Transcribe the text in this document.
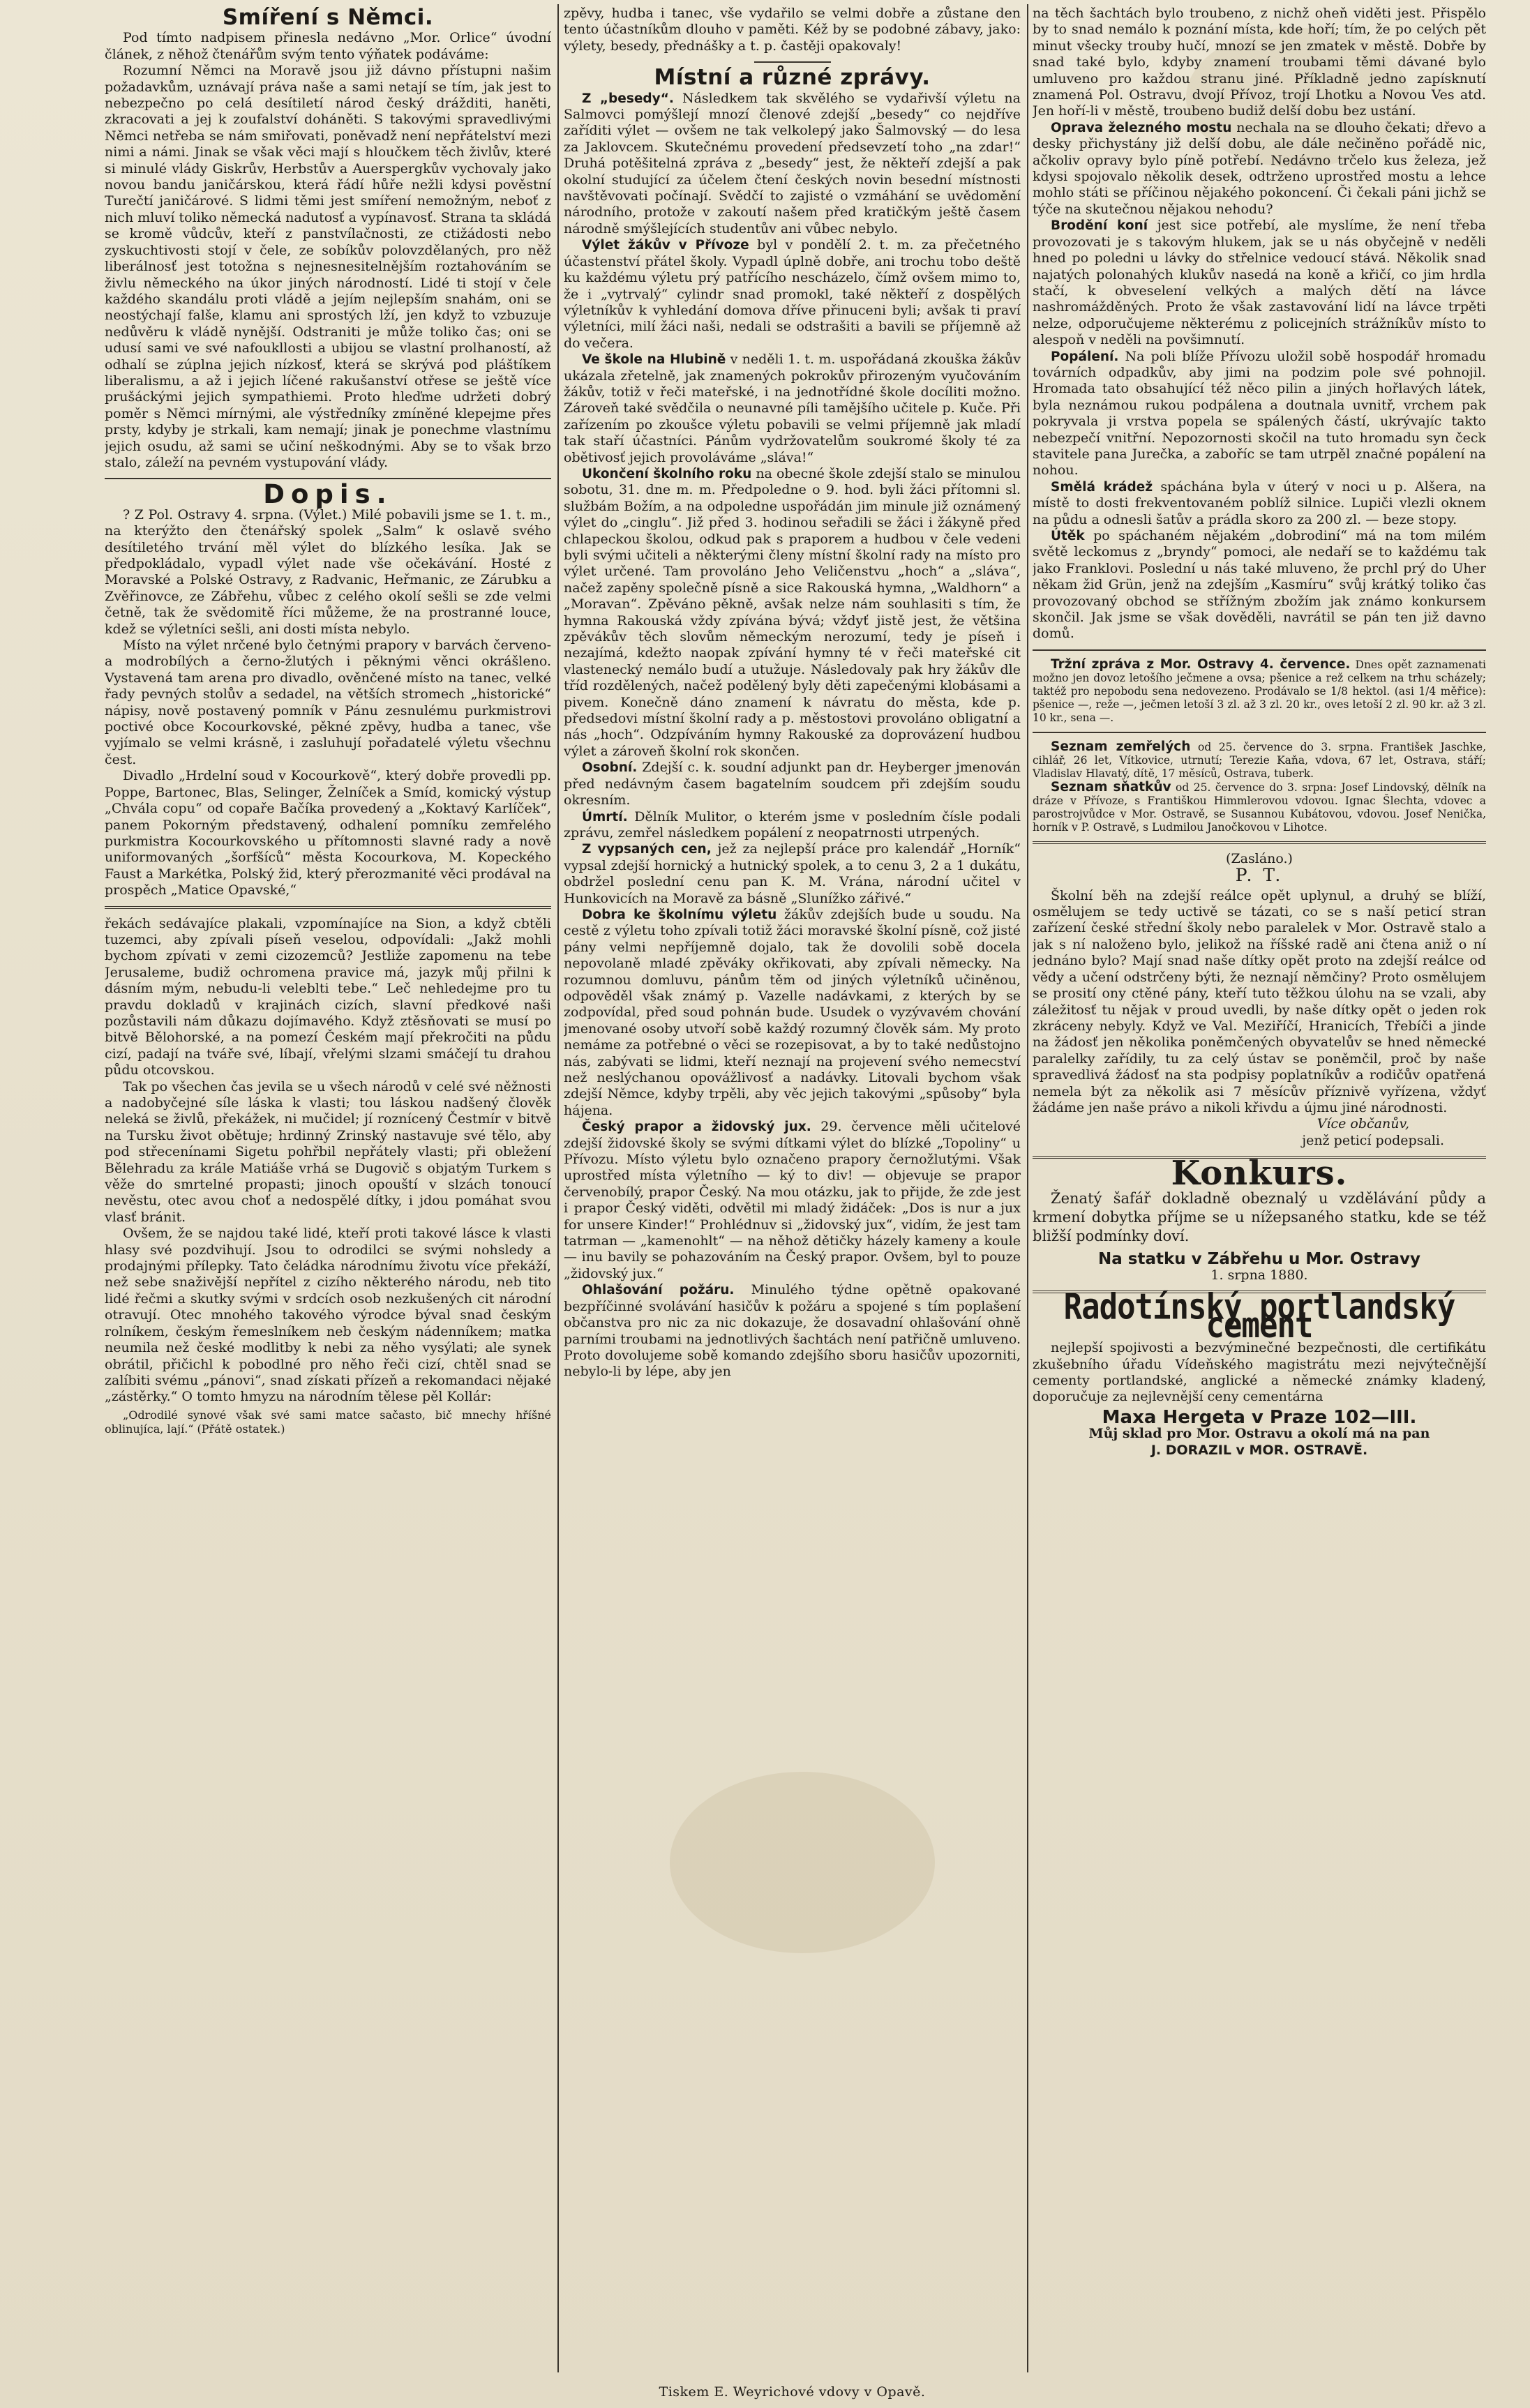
Smíření s Němci.

Pod tímto nadpisem přinesla nedávno „Mor. Orlice“ úvodní článek, z něhož čtenářům svým tento výňatek podáváme:

Rozumní Němci na Moravě jsou již dávno přístupni našim požadavkům, uznávají práva naše a sami netají se tím, jak jest to nebezpečno po celá desítiletí národ český drážditi, haněti, zkracovati a jej k zoufalství doháněti. S takovými spravedlivými Němci netřeba se nám smiřovati, poněvadž není nepřátelství mezi nimi a námi. Jinak se však věci mají s hloučkem těch živlův, které si minulé vlády Giskrův, Herbstův a Auerspergkův vychovaly jako novou bandu janičárskou, která řádí hůře nežli kdysi pověstní Turečtí janičárové. S lidmi těmi jest smíření nemožným, neboť z nich mluví toliko německá nadutosť a vypínavosť. Strana ta skládá se kromě vůdcův, kteří z panstvílačnosti, ze ctižádosti nebo zyskuchtivosti stojí v čele, ze sobíkův polovzdělaných, pro něž liberálnosť jest totožna s nejnesnesitelnějším roztahováním se živlu německého na úkor jiných národností. Lidé ti stojí v čele každého skandálu proti vládě a jejím nejlepším snahám, oni se neostýchají falše, klamu ani sprostých lží, jen když to vzbuzuje nedůvěru k vládě nynější. Odstraniti je může toliko čas; oni se udusí sami ve své nafoukllosti a ubijou se vlastní prolhaností, až odhalí se zúplna jejich nízkosť, která se skrývá pod pláštíkem liberalismu, a až i jejich líčené rakušanství otřese se ještě více prušáckými jejich sympathiemi. Proto hleďme udržeti dobrý poměr s Němci mírnými, ale výstředníky zmíněné klepejme přes prsty, kdyby je strkali, kam nemají; jinak je ponechme vlastnímu jejich osudu, až sami se učiní neškodnými. Aby se to však brzo stalo, záleží na pevném vystupování vlády.

Dopis.

? Z Pol. Ostravy 4. srpna. (Výlet.) Milé pobavili jsme se 1. t. m., na kterýžto den čtenářský spolek „Salm“ k oslavě svého desítiletého trvání měl výlet do blízkého lesíka. Jak se předpokládalo, vypadl výlet nade vše očekávání. Hosté z Moravské a Polské Ostravy, z Radvanic, Heřmanic, ze Zárubku a Zvěřinovce, ze Zábřehu, vůbec z celého okolí sešli se zde velmi četně, tak že svědomitě říci můžeme, že na prostranné louce, kdež se výletníci sešli, ani dosti místa nebylo.

Místo na výlet nrčené bylo četnými prapory v barvách červeno- a modrobílých a černo-žlutých i pěknými věnci okrášleno. Vystavená tam arena pro divadlo, ověnčené místo na tanec, velké řady pevných stolův a sedadel, na větších stromech „historické“ nápisy, nově postavený pomník v Pánu zesnulému purkmistrovi poctivé obce Kocourkovské, pěkné zpěvy, hudba a tanec, vše vyjímalo se velmi krásně, i zasluhují pořadatelé výletu všechnu čest.

Divadlo „Hrdelní soud v Kocourkově“, který dobře provedli pp. Poppe, Bartonec, Blas, Selinger, Želníček a Smíd, komický výstup „Chvála copu“ od copaře Bačíka provedený a „Koktavý Karlíček“, panem Pokorným představený, odhalení pomníku zemřelého purkmistra Kocourkovského u přítomnosti slavné rady a nově uniformovaných „šorfšíců“ města Kocourkova, M. Kopeckého Faust a Markétka, Polský žid, který přerozmanité věci prodával na prospěch „Matice Opavské,“

řekách sedávajíce plakali, vzpomínajíce na Sion, a když cbtěli tuzemci, aby zpívali píseň veselou, odpovídali: „Jakž mohli bychom zpívati v zemi cizozemců? Jestliže zapomenu na tebe Jerusaleme, budiž ochromena pravice má, jazyk můj přilni k dásním mým, nebudu-li veleblti tebe.“ Leč nehledejme pro tu pravdu dokladů v krajinách cizích, slavní předkové naši pozůstavili nám důkazu dojímavého. Když ztěsňovati se musí po bitvě Bělohorské, a na pomezí Českém mají překročiti na půdu cizí, padají na tváře své, líbají, vřelými slzami smáčejí tu drahou půdu otcovskou.

Tak po všechen čas jevila se u všech národů v celé své něžnosti a nadobyčejné síle láska k vlasti; tou láskou nadšený člověk neleká se živlů, překážek, ni mučidel; jí roznícený Čestmír v bitvě na Tursku život obětuje; hrdinný Zrinský nastavuje své tělo, aby pod střecenínami Sigetu pohřbil nepřátely vlasti; při obležení Bělehradu za krále Matiáše vrhá se Dugovič s objatým Turkem s věže do smrtelné propasti; jinoch opouští v slzách tonoucí nevěstu, otec avou choť a nedospělé dítky, i jdou pomáhat svou vlasť bránit.

Ovšem, že se najdou také lidé, kteří proti takové lásce k vlasti hlasy své pozdvihují. Jsou to odrodilci se svými nohsledy a prodajnými přílepky. Tato čeládka národnímu životu více překáží, než sebe snaživější nepřítel z cizího některého národu, neb tito lidé řečmi a skutky svými v srdcích osob nezkušených cit národní otravují. Otec mnohého takového výrodce býval snad českým rolníkem, českým řemeslníkem neb českým nádenníkem; matka neumila než české modlitby k nebi za něho vysýlati; ale synek obrátil, přičichl k pobodlné pro něho řeči cizí, chtěl snad se zalíbiti svému „pánovi“, snad získati přízeň a rekomandaci nějaké „zástěrky.“ O tomto hmyzu na národním tělese pěl Kollár:

„Odrodilé synové však své sami matce sačasto, bič mnechy hříšné oblinujíca, lají.“ (Přátě ostatek.)

zpěvy, hudba i tanec, vše vydařilo se velmi dobře a zůstane den tento účastníkům dlouho v paměti. Kéž by se podobné zábavy, jako: výlety, besedy, přednášky a t. p. častěji opakovaly!

Místní a různé zprávy.

Z „besedy“. Následkem tak skvělého se vydařivší výletu na Salmovci pomýšlejí mnozí členové zdejší „besedy“ co nejdříve zaříditi výlet — ovšem ne tak velkolepý jako Šalmovský — do lesa za Jaklovcem. Skutečnému provedení předsevzetí toho „na zdar!“ Druhá potěšitelná zpráva z „besedy“ jest, že někteří zdejší a pak okolní studující za účelem čtení českých novin besední místnosti navštěvovati počínají. Svědčí to zajisté o vzmáhání se uvědomění národního, protože v zakoutí našem před kratičkým ještě časem národně smýšlejících studentův ani vůbec nebylo.

Výlet žákův v Přívoze byl v pondělí 2. t. m. za přečetného účastenství přátel školy. Vypadl úplně dobře, ani trochu tobo deště ku každému výletu prý patřícího nescházelo, čímž ovšem mimo to, že i „vytrvalý“ cylindr snad promokl, také někteří z dospělých výletníkův k vyhledání domova dříve přinuceni byli; avšak ti praví výletníci, milí žáci naši, nedali se odstrašiti a bavili se příjemně až do večera.

Ve škole na Hlubině v neděli 1. t. m. uspořádaná zkouška žákův ukázala zřetelně, jak znamených pokrokův přirozeným vyučováním žákův, totiž v řeči mateřské, i na jednotřídné škole docíliti možno. Zároveň také svědčila o neunavné píli tamějšího učitele p. Kuče. Při zařízením po zkoušce výletu pobavili se velmi příjemně jak mladí tak staří účastníci. Pánům vydržovatelům soukromé školy té za obětivosť jejich provoláváme „sláva!“

Ukončení školního roku na obecné škole zdejší stalo se minulou sobotu, 31. dne m. m. Předpoledne o 9. hod. byli žáci přítomni sl. službám Božím, a na odpoledne uspořádán jim minule již oznámený výlet do „cinglu“. Již před 3. hodinou seřadili se žáci i žákyně před chlapeckou školou, odkud pak s praporem a hudbou v čele vedeni byli svými učiteli a některými členy místní školní rady na místo pro výlet určené. Tam provoláno Jeho Veličenstvu „hoch“ a „sláva“, načež zapěny společně písně a sice Rakouská hymna, „Waldhorn“ a „Moravan“. Zpěváno pěkně, avšak nelze nám souhlasiti s tím, že hymna Rakouská vždy zpívána bývá; vždyť jistě jest, že většina zpěvákův těch slovům německým nerozumí, tedy je píseň i nezajímá, kdežto naopak zpívání hymny té v řeči mateřské cit vlastenecký nemálo budí a utužuje. Následovaly pak hry žákův dle tříd rozdělených, načež podělený byly děti zapečenými klobásami a pivem. Konečně dáno znamení k návratu do města, kde p. předsedovi místní školní rady a p. městostovi provoláno obligatní a nás „hoch“. Odzpíváním hymny Rakouské za doprovázení hudbou výlet a zároveň školní rok skončen.

Osobní. Zdejší c. k. soudní adjunkt pan dr. Heyberger jmenován před nedávným časem bagatelním soudcem při zdejším soudu okresním.

Úmrtí. Dělník Mulitor, o kterém jsme v posledním čísle podali zprávu, zemřel následkem popálení z neopatrnosti utrpených.

Z vypsaných cen, jež za nejlepší práce pro kalendář „Horník“ vypsal zdejší hornický a hutnický spolek, a to cenu 3, 2 a 1 dukátu, obdržel poslední cenu pan K. M. Vrána, národní učitel v Hunkovicích na Moravě za básně „Slunížko zářivé.“

Dobra ke školnímu výletu žákův zdejších bude u soudu. Na cestě z výletu toho zpívali totiž žáci moravské školní písně, což jisté pány velmi nepříjemně dojalo, tak že dovolili sobě docela nepovolaně mladé zpěváky okřikovati, aby zpívali německy. Na rozumnou domluvu, pánům těm od jiných výletníků učiněnou, odpověděl však známý p. Vazelle nadávkami, z kterých by se zodpovídal, před soud pohnán bude. Usudek o vyzývavém chování jmenované osoby utvoří sobě každý rozumný člověk sám. My proto nemáme za potřebné o věci se rozepisovat, a by to také nedůstojno nás, zabývati se lidmi, kteří neznají na projevení svého nemecství než neslýchanou opovážlivosť a nadávky. Litovali bychom však zdejší Němce, kdyby trpěli, aby věc jejich takovými „spůsoby“ byla hájena.

Český prapor a židovský jux. 29. července měli učitelové zdejší židovské školy se svými dítkami výlet do blízké „Topoliny“ u Přívozu. Místo výletu bylo označeno prapory černožlutými. Však uprostřed místa výletního — ký to div! — objevuje se prapor červenobílý, prapor Český. Na mou otázku, jak to přijde, že zde jest i prapor Český viděti, odvětil mi mladý židáček: „Dos is nur a jux for unsere Kinder!“ Prohlédnuv si „židovský jux“, vidím, že jest tam tatrman — „kamenohlt“ — na něhož dětičky házely kameny a koule — inu bavily se pohazováním na Český prapor. Ovšem, byl to pouze „židovský jux.“

Ohlašování požáru. Minulého týdne opětně opakované bezpříčinné svolávání hasičův k požáru a spojené s tím poplašení občanstva pro nic za nic dokazuje, že dosavadní ohlašování ohně parními troubami na jednotlivých šachtách není patřičně umluveno. Proto dovolujeme sobě komando zdejšího sboru hasičův upozorniti, nebylo-li by lépe, aby jen

na těch šachtách bylo troubeno, z nichž oheň viděti jest. Přispělo by to snad nemálo k poznání místa, kde hoří; tím, že po celých pět minut všecky trouby hučí, mnozí se jen zmatek v městě. Dobře by snad také bylo, kdyby znamení troubami těmi dávané bylo umluveno pro každou stranu jiné. Příkladně jedno zapísknutí znamená Pol. Ostravu, dvojí Přívoz, trojí Lhotku a Novou Ves atd. Jen hoří-li v městě, troubeno budiž delší dobu bez ustání.

Oprava železného mostu nechala na se dlouho čekati; dřevo a desky přichystány již delší dobu, ale dále nečiněno pořádě nic, ačkoliv opravy bylo píně potřebí. Nedávno trčelo kus železa, jež kdysi spojovalo několik desek, odtrženo uprostřed mostu a lehce mohlo státi se příčinou nějakého pokoncení. Či čekali páni jichž se týče na skutečnou nějakou nehodu?

Brodění koní jest sice potřebí, ale myslíme, že není třeba provozovati je s takovým hlukem, jak se u nás obyčejně v neděli hned po poledni u lávky do střelnice vedoucí stává. Několik snad najatých polonahých klukův nasedá na koně a křičí, co jim hrdla stačí, k obveselení velkých a malých dětí na lávce nashromážděných. Proto že však zastavování lidí na lávce trpěti nelze, odporučujeme některému z policejních strážníkův místo to alespoň v neděli na povšimnutí.

Popálení. Na poli blíže Přívozu uložil sobě hospodář hromadu továrních odpadkův, aby jimi na podzim pole své pohnojil. Hromada tato obsahující též něco pilin a jiných hořlavých látek, byla neznámou rukou podpálena a doutnala uvnitř, vrchem pak pokryvala ji vrstva popela se spálených částí, ukrývajíc takto nebezpečí vnitřní. Nepozornosti skočil na tuto hromadu syn čeck stavitele pana Jurečka, a zaboříc se tam utrpěl značné popálení na nohou.

Smělá krádež spáchána byla v úterý v noci u p. Alšera, na místě to dosti frekventovaném poblíž silnice. Lupiči vlezli oknem na půdu a odnesli šatův a prádla skoro za 200 zl. — beze stopy.

Útěk po spáchaném nějakém „dobrodiní“ má na tom milém světě leckomus z „bryndy“ pomoci, ale nedaří se to každému tak jako Franklovi. Poslední u nás také mluveno, že prchl prý do Uher někam žid Grün, jenž na zdejším „Kasmíru“ svůj krátký toliko čas provozovaný obchod se střížným zbožím jak známo konkursem skončil. Jak jsme se však dověděli, navrátil se pán ten již davno domů.

Tržní zpráva z Mor. Ostravy 4. července. Dnes opět zaznamenati možno jen dovoz letošího ječmene a ovsa; pšenice a rež celkem na trhu scházely; taktéž pro nepobodu sena nedovezeno. Prodávalo se 1/8 hektol. (asi 1/4 měřice): pšenice —, reže —, ječmen letoší 3 zl. až 3 zl. 20 kr., oves letoší 2 zl. 90 kr. až 3 zl. 10 kr., sena —.

Seznam zemřelých od 25. července do 3. srpna. František Jaschke, cihlář, 26 let, Vítkovice, utrnutí; Terezie Kaňa, vdova, 67 let, Ostrava, stáří; Vladislav Hlavatý, dítě, 17 měsíců, Ostrava, tuberk.

Seznam sňatkův od 25. července do 3. srpna: Josef Lindovský, dělník na dráze v Přívoze, s Františkou Himmlerovou vdovou. Ignac Šlechta, vdovec a parostrojvůdce v Mor. Ostravě, se Susannou Kubátovou, vdovou. Josef Nenička, horník v P. Ostravě, s Ludmilou Janočkovou v Lihotce.

(Zasláno.)
P. T.

Školní běh na zdejší reálce opět uplynul, a druhý se blíží, osmělujem se tedy uctivě se tázati, co se s naší peticí stran zařízení české střední školy nebo paralelek v Mor. Ostravě stalo a jak s ní naloženo bylo, jelikož na říšské radě ani čtena aniž o ní jednáno bylo? Mají snad naše dítky opět proto na zdejší reálce od vědy a učení odstrčeny býti, že neznají němčiny? Proto osmělujem se prosití ony ctěné pány, kteří tuto těžkou úlohu na se vzali, aby záležitosť tu nějak v proud uvedli, by naše dítky opět o jeden rok zkráceny nebyly. Když ve Val. Meziříčí, Hranicích, Třebíči a jinde na žádosť jen několika poněmčených obyvatelův se hned německé paralelky zařídily, tu za celý ústav se poněmčil, proč by naše spravedlivá žádosť na sta podpisy poplatníkův a rodičův opatřená nemela být za několik asi 7 měsícův příznivě vyřízena, vždyť žádáme jen naše právo a nikoli křivdu a újmu jiné národnosti.

Více občanův,
jenž peticí podepsali.
Konkurs.

Ženatý šafář dokladně obeznalý u vzdělávání půdy a krmení dobytka příjme se u nížepsaného statku, kde se též bližší podmínky doví.

Na statku v Zábřehu u Mor. Ostravy
1. srpna 1880.
Radotínský portlandský cement

nejlepší spojivosti a bezvýminečné bezpečnosti, dle certifikátu zkušebního úřadu Vídeňského magistrátu mezi nejvýtečnější cementy portlandské, anglické a německé známky kladený, doporučuje za nejlevnější ceny cementárna

Maxa Hergeta v Praze 102—III.

Můj sklad pro Mor. Ostravu a okolí má na pan

J. DORAZIL v MOR. OSTRAVĚ.

Tiskem E. Weyrichové vdovy v Opavě.
